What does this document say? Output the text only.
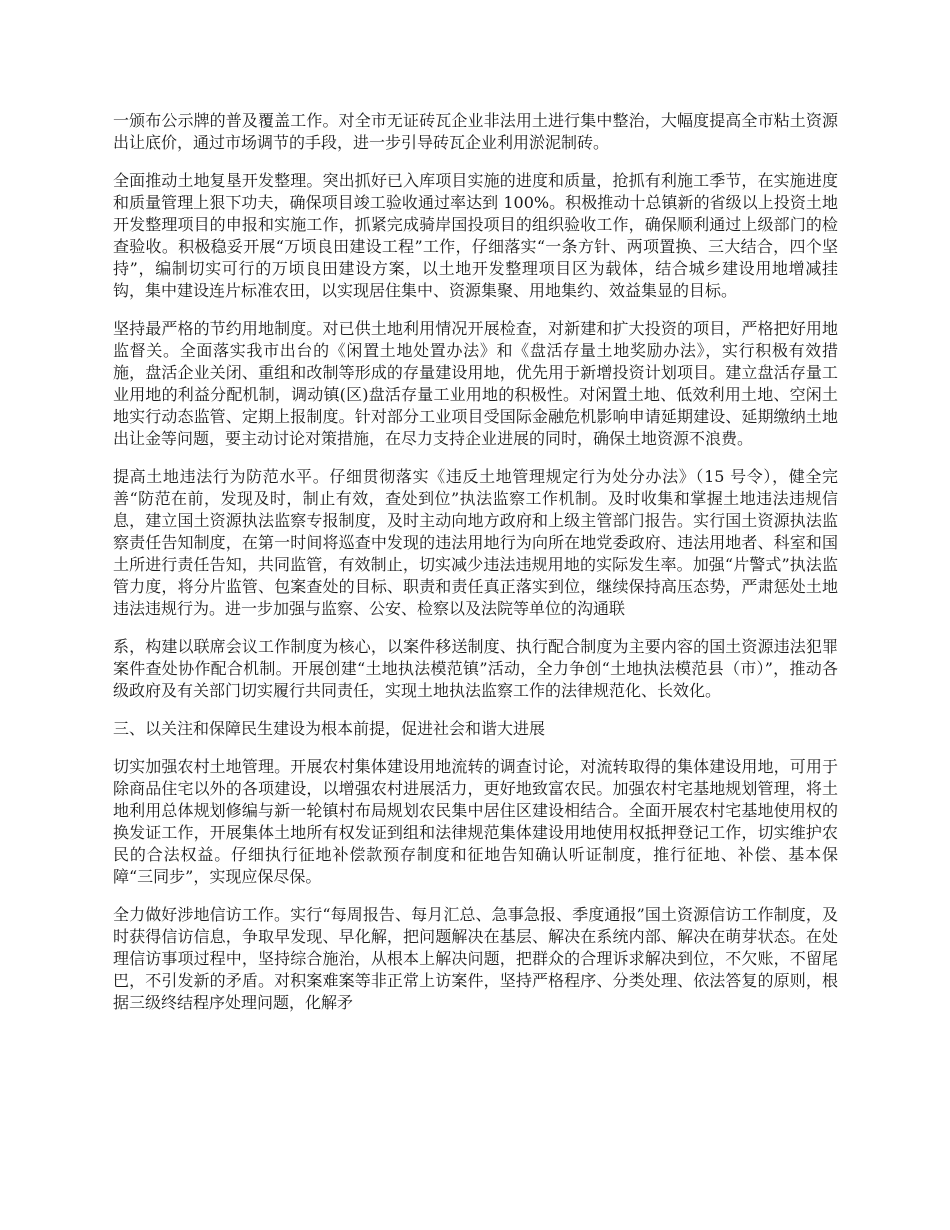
一颁布公示牌的普及覆盖工作。对全市无证砖瓦企业非法用土进行集中整治，大幅度提高全市粘土资源出让底价，通过市场调节的手段，进一步引导砖瓦企业利用淤泥制砖。

全面推动土地复垦开发整理。突出抓好已入库项目实施的进度和质量，抢抓有利施工季节，在实施进度和质量管理上狠下功夫，确保项目竣工验收通过率达到 100%。积极推动十总镇新的省级以上投资土地开发整理项目的申报和实施工作，抓紧完成骑岸国投项目的组织验收工作，确保顺利通过上级部门的检查验收。积极稳妥开展“万顷良田建设工程”工作，仔细落实“一条方针、两项置换、三大结合，四个坚持”，编制切实可行的万顷良田建设方案，以土地开发整理项目区为载体，结合城乡建设用地增减挂钩，集中建设连片标准农田，以实现居住集中、资源集聚、用地集约、效益集显的目标。

坚持最严格的节约用地制度。对已供土地利用情况开展检查，对新建和扩大投资的项目，严格把好用地监督关。全面落实我市出台的《闲置土地处置办法》和《盘活存量土地奖励办法》，实行积极有效措施，盘活企业关闭、重组和改制等形成的存量建设用地，优先用于新增投资计划项目。建立盘活存量工业用地的利益分配机制，调动镇(区)盘活存量工业用地的积极性。对闲置土地、低效利用土地、空闲土地实行动态监管、定期上报制度。针对部分工业项目受国际金融危机影响申请延期建设、延期缴纳土地出让金等问题，要主动讨论对策措施，在尽力支持企业进展的同时，确保土地资源不浪费。

提高土地违法行为防范水平。仔细贯彻落实《违反土地管理规定行为处分办法》（15 号令），健全完善“防范在前，发现及时，制止有效，查处到位”执法监察工作机制。及时收集和掌握土地违法违规信息，建立国土资源执法监察专报制度，及时主动向地方政府和上级主管部门报告。实行国土资源执法监察责任告知制度，在第一时间将巡查中发现的违法用地行为向所在地党委政府、违法用地者、科室和国土所进行责任告知，共同监管，有效制止，切实减少违法违规用地的实际发生率。加强“片警式”执法监管力度，将分片监管、包案查处的目标、职责和责任真正落实到位，继续保持高压态势，严肃惩处土地违法违规行为。进一步加强与监察、公安、检察以及法院等单位的沟通联

系，构建以联席会议工作制度为核心，以案件移送制度、执行配合制度为主要内容的国土资源违法犯罪案件查处协作配合机制。开展创建“土地执法模范镇”活动，全力争创“土地执法模范县（市）”，推动各级政府及有关部门切实履行共同责任，实现土地执法监察工作的法律规范化、长效化。

三、以关注和保障民生建设为根本前提，促进社会和谐大进展

切实加强农村土地管理。开展农村集体建设用地流转的调查讨论，对流转取得的集体建设用地，可用于除商品住宅以外的各项建设，以增强农村进展活力，更好地致富农民。加强农村宅基地规划管理，将土地利用总体规划修编与新一轮镇村布局规划农民集中居住区建设相结合。全面开展农村宅基地使用权的换发证工作，开展集体土地所有权发证到组和法律规范集体建设用地使用权抵押登记工作，切实维护农民的合法权益。仔细执行征地补偿款预存制度和征地告知确认听证制度，推行征地、补偿、基本保障“三同步”，实现应保尽保。

全力做好涉地信访工作。实行“每周报告、每月汇总、急事急报、季度通报”国土资源信访工作制度，及时获得信访信息，争取早发现、早化解，把问题解决在基层、解决在系统内部、解决在萌芽状态。在处理信访事项过程中，坚持综合施治，从根本上解决问题，把群众的合理诉求解决到位，不欠账，不留尾巴，不引发新的矛盾。对积案难案等非正常上访案件，坚持严格程序、分类处理、依法答复的原则，根据三级终结程序处理问题，化解矛
